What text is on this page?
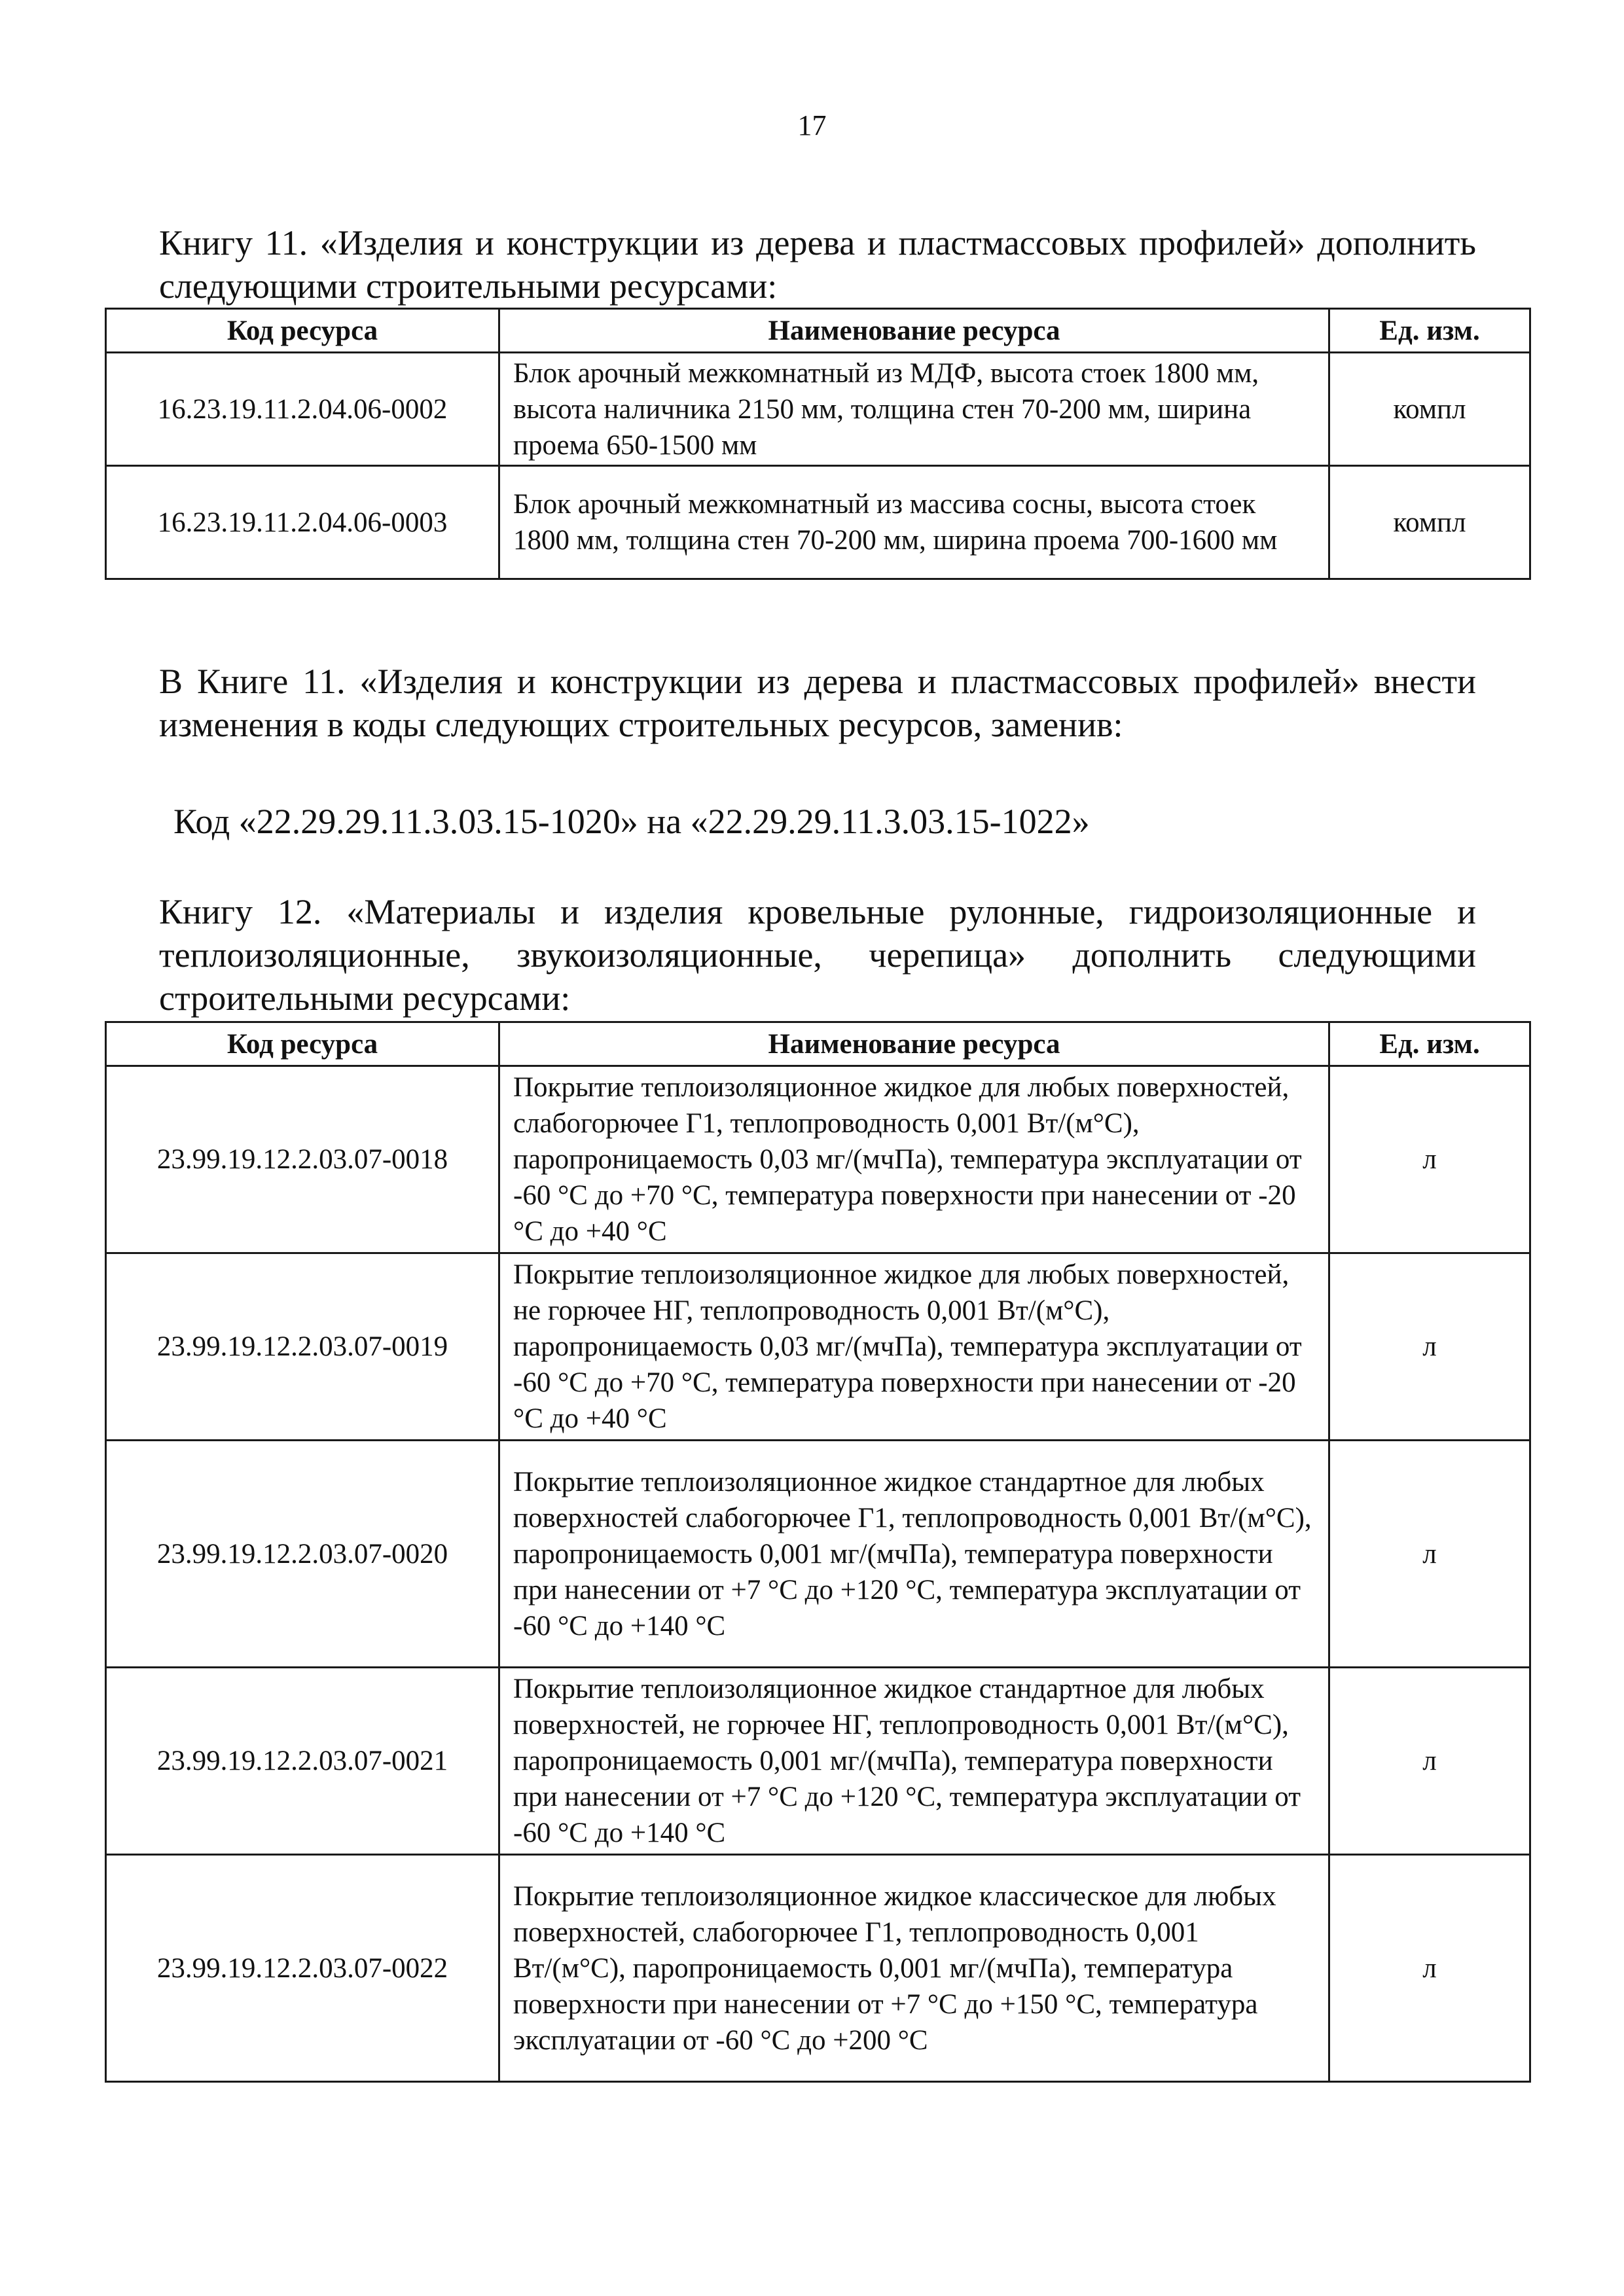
17

Книгу 11. «Изделия и конструкции из дерева и пластмассовых профилей» дополнить следующими строительными ресурсами:

Код ресурса	Наименование ресурса	Ед. изм.
16.23.19.11.2.04.06-0002	Блок арочный межкомнатный из МДФ, высота стоек 1800 мм, высота наличника 2150 мм, толщина стен 70-200 мм, ширина проема 650-1500 мм	компл
16.23.19.11.2.04.06-0003	Блок арочный межкомнатный из массива сосны, высота стоек 1800 мм, толщина стен 70-200 мм, ширина проема 700-1600 мм	компл

В Книге 11. «Изделия и конструкции из дерева и пластмассовых профилей» внести изменения в коды следующих строительных ресурсов, заменив:

Код «22.29.29.11.3.03.15-1020» на «22.29.29.11.3.03.15-1022»

Книгу 12. «Материалы и изделия кровельные рулонные, гидроизоляционные и теплоизоляционные, звукоизоляционные, черепица» дополнить следующими строительными ресурсами:

Код ресурса	Наименование ресурса	Ед. изм.
23.99.19.12.2.03.07-0018	Покрытие теплоизоляционное жидкое для любых поверхностей, слабогорючее Г1, теплопроводность 0,001 Вт/(м°С), паропроницаемость 0,03 мг/(мчПа), температура эксплуатации от -60 °С до +70 °С, температура поверхности при нанесении от -20 °С до +40 °С	л
23.99.19.12.2.03.07-0019	Покрытие теплоизоляционное жидкое для любых поверхностей, не горючее НГ, теплопроводность 0,001 Вт/(м°С), паропроницаемость 0,03 мг/(мчПа), температура эксплуатации от -60 °С до +70 °С, температура поверхности при нанесении от -20 °С до +40 °С	л
23.99.19.12.2.03.07-0020	Покрытие теплоизоляционное жидкое стандартное для любых поверхностей слабогорючее Г1, теплопроводность 0,001 Вт/(м°С), паропроницаемость 0,001 мг/(мчПа), температура поверхности при нанесении от +7 °С до +120 °С, температура эксплуатации от -60 °С до +140 °С	л
23.99.19.12.2.03.07-0021	Покрытие теплоизоляционное жидкое стандартное для любых поверхностей, не горючее НГ, теплопроводность 0,001 Вт/(м°С), паропроницаемость 0,001 мг/(мчПа), температура поверхности при нанесении от +7 °С до +120 °С, температура эксплуатации от -60 °С до +140 °С	л
23.99.19.12.2.03.07-0022	Покрытие теплоизоляционное жидкое классическое для любых поверхностей, слабогорючее Г1, теплопроводность 0,001 Вт/(м°С), паропроницаемость 0,001 мг/(мчПа), температура поверхности при нанесении от +7 °С до +150 °С, температура эксплуатации от -60 °С до +200 °С	л
